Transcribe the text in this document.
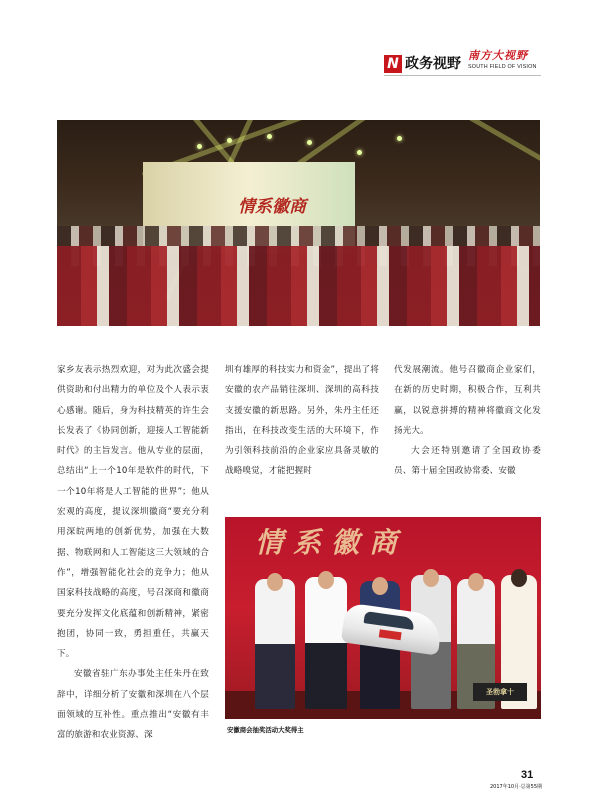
N 政务视野
南方大视野
SOUTH FIELD OF VISION
情系徽商

家乡友表示热烈欢迎，对为此次盛会提供资助和付出精力的单位及个人表示衷心感谢。随后，身为科技精英的许生会长发表了《协同创新，迎接人工智能新时代》的主旨发言。他从专业的层面，总结出“上一个10年是软件的时代，下一个10年将是人工智能的世界”；他从宏观的高度，提议深圳徽商“要充分利用深皖两地的创新优势，加强在大数据、物联网和人工智能这三大领域的合作”，增强智能化社会的竞争力；他从国家科技战略的高度，号召深商和徽商要充分发挥文化底蕴和创新精神，紧密抱团，协同一致，勇担重任，共赢天下。

安徽省驻广东办事处主任朱丹在致辞中，详细分析了安徽和深圳在八个层面领域的互补性。重点推出“安徽有丰富的旅游和农业资源、深

圳有雄厚的科技实力和资金”，提出了将安徽的农产品销往深圳、深圳的高科技支援安徽的新思路。另外，朱丹主任还指出，在科技改变生活的大环境下，作为引领科技前沿的企业家应具备灵敏的战略嗅觉，才能把握时

代发展潮流。他号召徽商企业家们，在新的历史时期，积极合作，互利共赢，以锐意拼搏的精神将徽商文化发扬光大。

大会还特别邀请了全国政协委员、第十届全国政协常委、安徽

情系徽商
圣勃拿十
安徽商会抽奖活动大奖得主
31
2017年10月·总第55期
